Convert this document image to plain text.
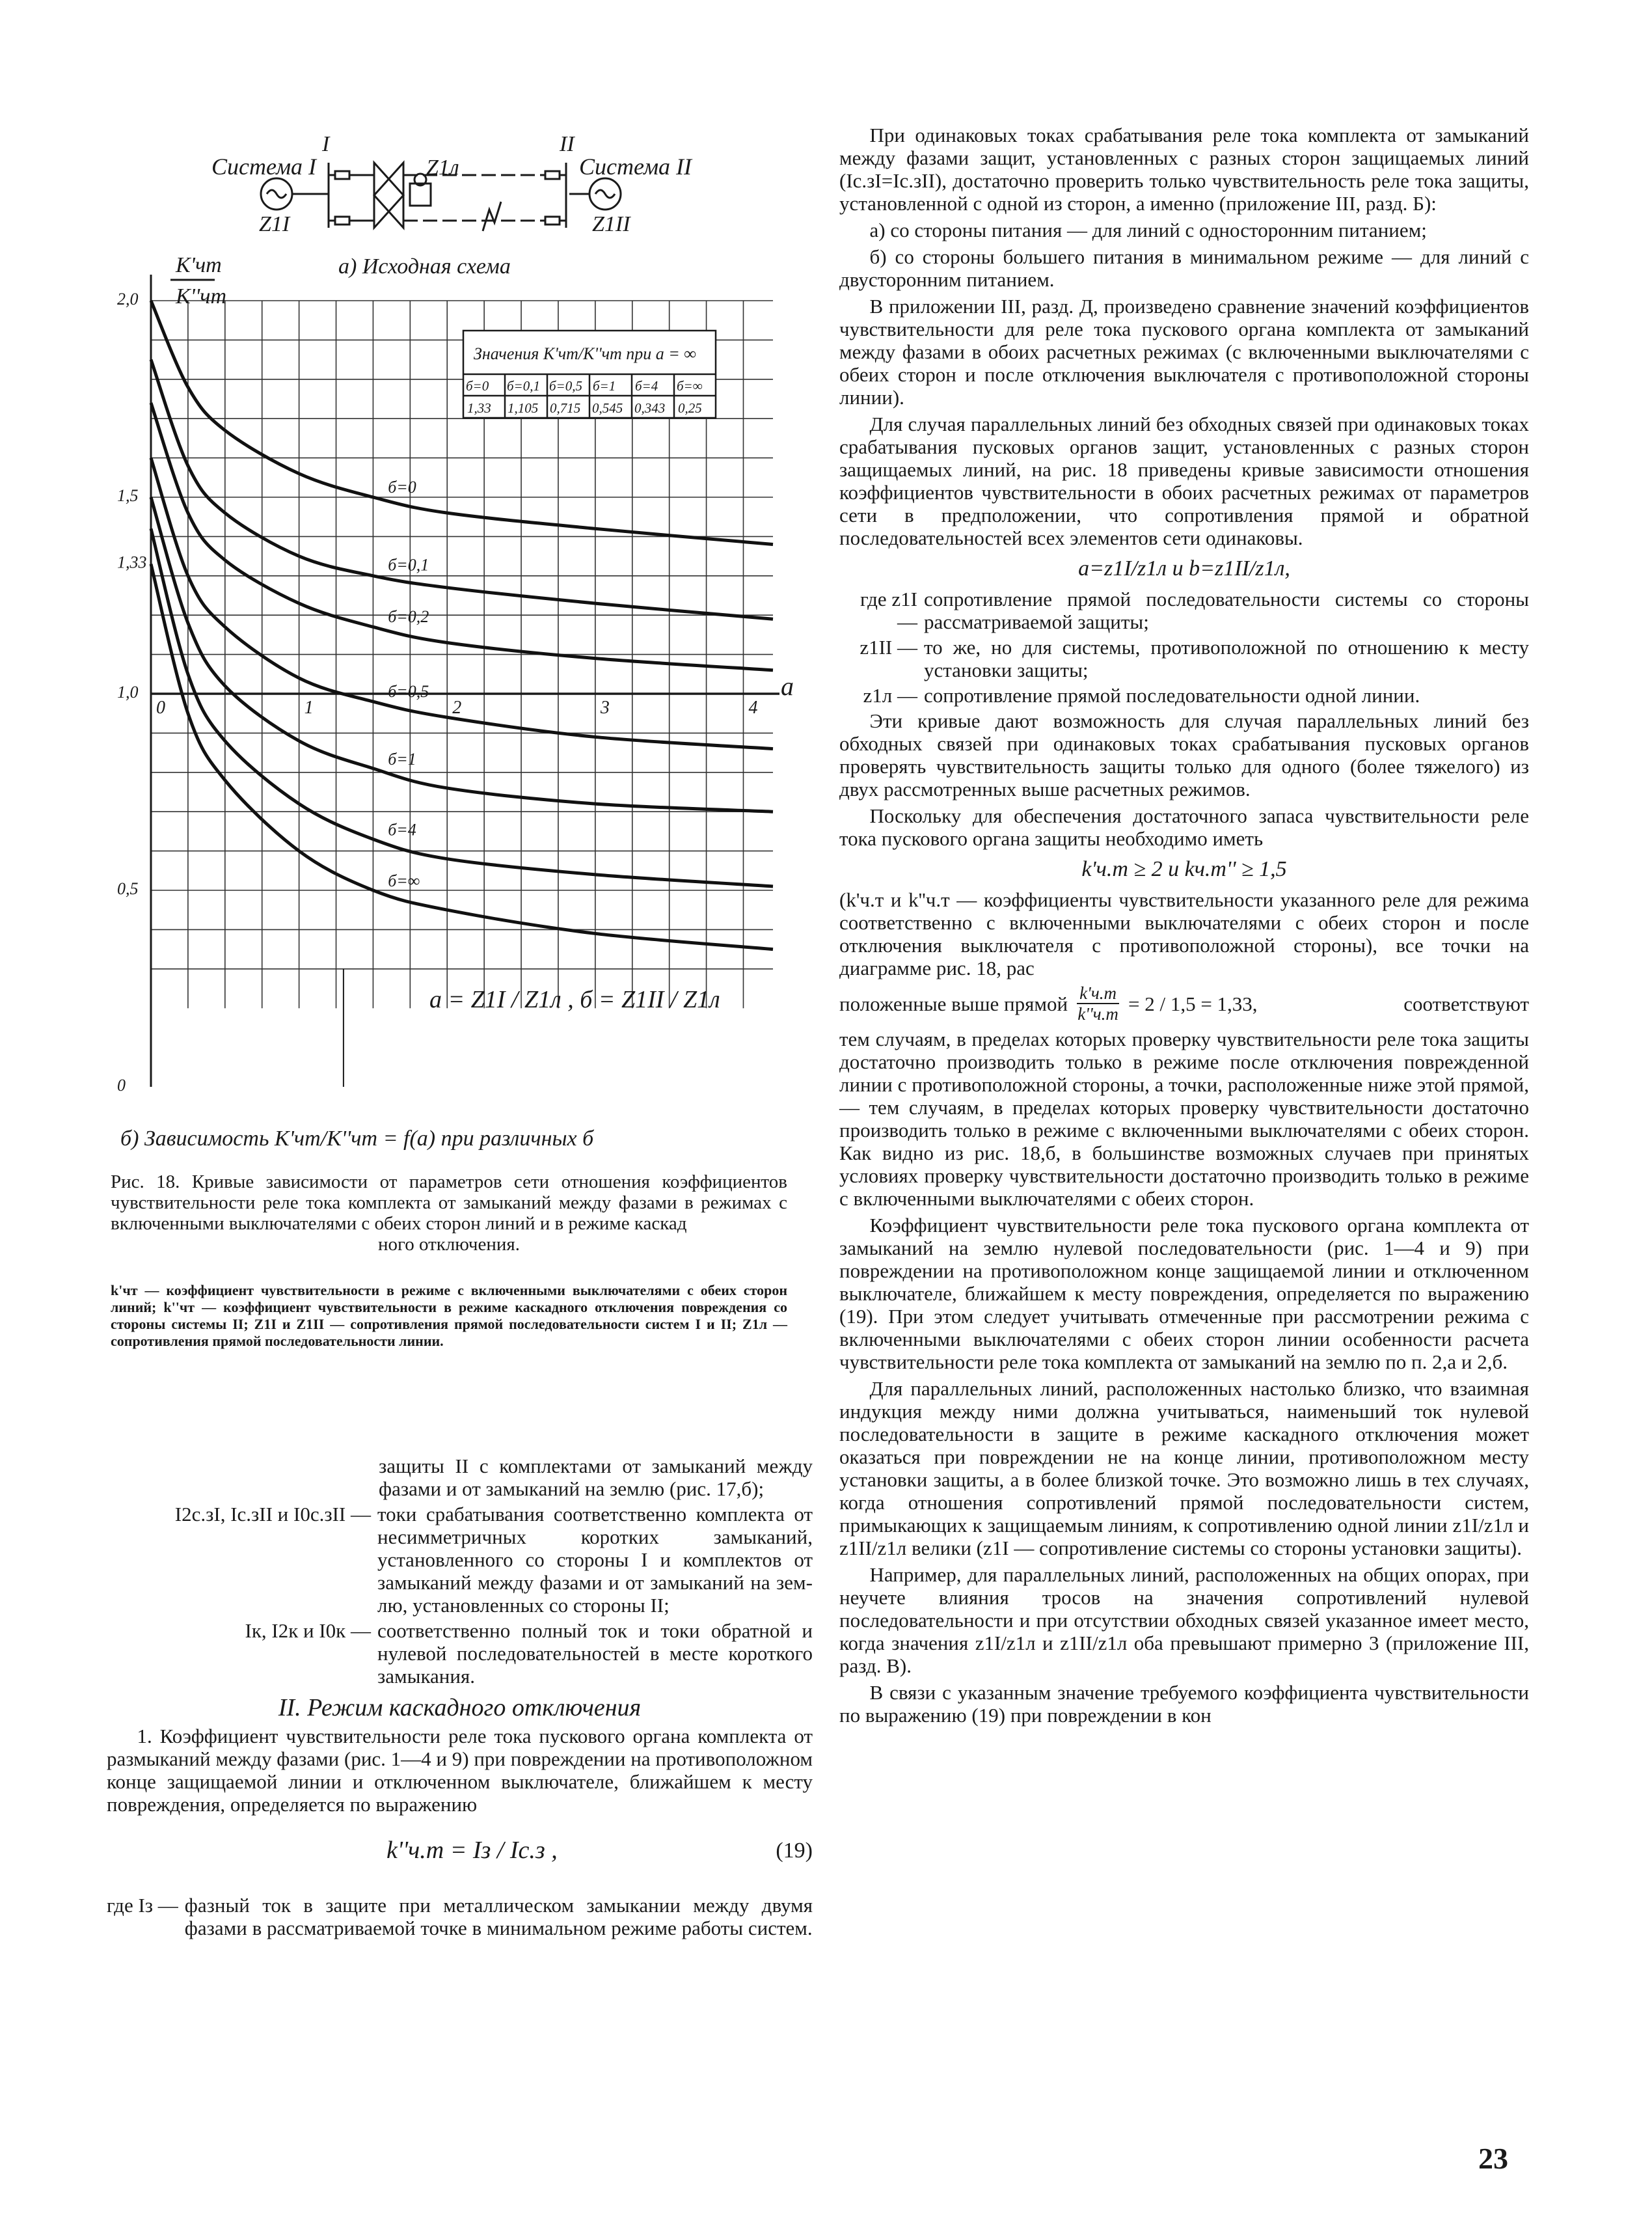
Система I	Система II
I	II
Z1л
Z1I	Z1II
а) Исходная схема
0
0,5
1,0
1,33
1,5
2,0
0	1	2	3	4
б=0
б=0,1
б=0,2
б=0,5
б=1
б=4
б=∞
Значения K'чт/K''чт при a = ∞
б=0 б=0,1 б=0,5 б=1 б=4 б=∞
1,33 1,105 0,715 0,545 0,343 0,25
a = Z1I / Z1л , б = Z1II / Z1л
б) Зависимость K'чт/K''чт = f(a) при различных б
K'чт
K''чт
a
Рис. 18. Кривые зависимости от параметров сети отношения коэффициентов чувствительности реле тока комплекта от замыканий между фазами в режимах с включенными выключателями с обеих сторон линий и в режиме каскад
ного отключения.
k'чт — коэффициент чувствительности в режиме с включенными выключателями с обеих сторон линий; k''чт — коэффициент чувствительности в режиме каскадного отключения повреждения со стороны системы II; Z1I и Z1II — сопротивления прямой последовательности систем I и II; Z1л — сопротивления прямой последовательности линии.
защиты II с комплектами от замыканий между фазами и от замыканий на землю (рис. 17,б);
I2с.зI, Iс.зII и I0с.зII — токи срабатывания соответственно комплекта от несимметричных коротких замыканий, установленного со стороны I и комплектов от замыканий между фазами и от замыканий на землю, установленных со стороны II;
Iк, I2к и I0к — соответственно полный ток и токи обратной и нулевой последовательностей в месте короткого замыкания.
II. Режим каскадного отключения
1. Коэффициент чувствительности реле тока пускового органа комплекта от размыканий между фазами (рис. 1—4 и 9) при повреждении на противоположном конце защищаемой линии и отключенном выключателе, ближайшем к месту повреждения, определяется по выражению
k''ч.т = Iз / Iс.з ,	(19)
где Iз — фазный ток в защите при металлическом замыкании между двумя фазами в рассматриваемой точке в минимальном режиме работы систем.
При одинаковых токах срабатывания реле тока комплекта от замыканий между фазами защит, установленных с разных сторон защищаемых линий (Iс.зI=Iс.зII), достаточно проверить только чувствительность реле тока защиты, установленной с одной из сторон, а именно (приложение III, разд. Б):
а) со стороны питания — для линий с односторонним питанием;
б) со стороны большего питания в минимальном режиме — для линий с двусторонним питанием.
В приложении III, разд. Д, произведено сравнение значений коэффициентов чувствительности для реле тока пускового органа комплекта от замыканий между фазами в обоих расчетных режимах (с включенными выключателями с обеих сторон и после отключения выключателя с противоположной стороны линии).
Для случая параллельных линий без обходных связей при одинаковых токах срабатывания пусковых органов защит, установленных с разных сторон защищаемых линий, на рис. 18 приведены кривые зависимости отношения коэффициентов чувствительности в обоих расчетных режимах от параметров сети в предположении, что сопротивления прямой и обратной последовательностей всех элементов сети одинаковы.
a=z1I/z1л и b=z1II/z1л,
где z1I —
сопротивление прямой последовательности системы со стороны рассматриваемой защиты;
z1II — то же, но для системы, противоположной по отношению к месту установки защиты;
z1л — сопротивление прямой последовательности одной линии.
Эти кривые дают возможность для случая параллельных линий без обходных связей при одинаковых токах срабатывания пусковых органов проверять чувствительность защиты только для одного (более тяжелого) из двух рассмотренных выше расчетных режимов.
Поскольку для обеспечения достаточного запаса чувствительности реле тока пускового органа защиты необходимо иметь
k'ч.т ≥ 2 и kч.т'' ≥ 1,5
(k'ч.т и k''ч.т — коэффициенты чувствительности указанного реле для режима соответственно с включенными выключателями с обеих сторон и после отключения выключателя с противоположной стороны), все точки на диаграмме рис. 18, рас
положенные выше прямой k'ч.т
k''ч.т = 2 / 1,5 = 1,33,	соответствуют
тем случаям, в пределах которых проверку чувствительности реле тока защиты достаточно производить только в режиме после отключения поврежденной линии с противоположной стороны, а точки, расположенные ниже этой прямой, — тем случаям, в пределах которых проверку чувствительности достаточно производить только в режиме с включенными выключателями с обеих сторон. Как видно из рис. 18,б, в большинстве возможных случаев при принятых условиях проверку чувствительности достаточно производить только в режиме с включенными выключателями с обеих сторон.
Коэффициент чувствительности реле тока пускового органа комплекта от замыканий на землю нулевой последовательности (рис. 1—4 и 9) при повреждении на противоположном конце защищаемой линии и отключенном выключателе, ближайшем к месту повреждения, определяется по выражению (19). При этом следует учитывать отмеченные при рассмотрении режима с включенными выключателями с обеих сторон линии особенности расчета чувствительности реле тока комплекта от замыканий на землю по п. 2,а и 2,б.
Для параллельных линий, расположенных настолько близко, что взаимная индукция между ними должна учитываться, наименьший ток нулевой последовательности в защите в режиме каскадного отключения может оказаться при повреждении не на конце линии, противоположном месту установки защиты, а в более близкой точке. Это возможно лишь в тех случаях, когда отношения сопротивлений прямой последовательности систем, примыкающих к защищаемым линиям, к сопротивлению одной линии z1I/z1л и z1II/z1л велики (z1I — сопротивление системы со стороны установки защиты).
Например, для параллельных линий, расположенных на общих опорах, при неучете влияния тросов на значения сопротивлений нулевой последовательности и при отсутствии обходных связей указанное имеет место, когда значения z1I/z1л и z1II/z1л оба превышают примерно 3 (приложение III, разд. В).
В связи с указанным значение требуемого коэффициента чувствительности по выражению (19) при повреждении в кон
23
